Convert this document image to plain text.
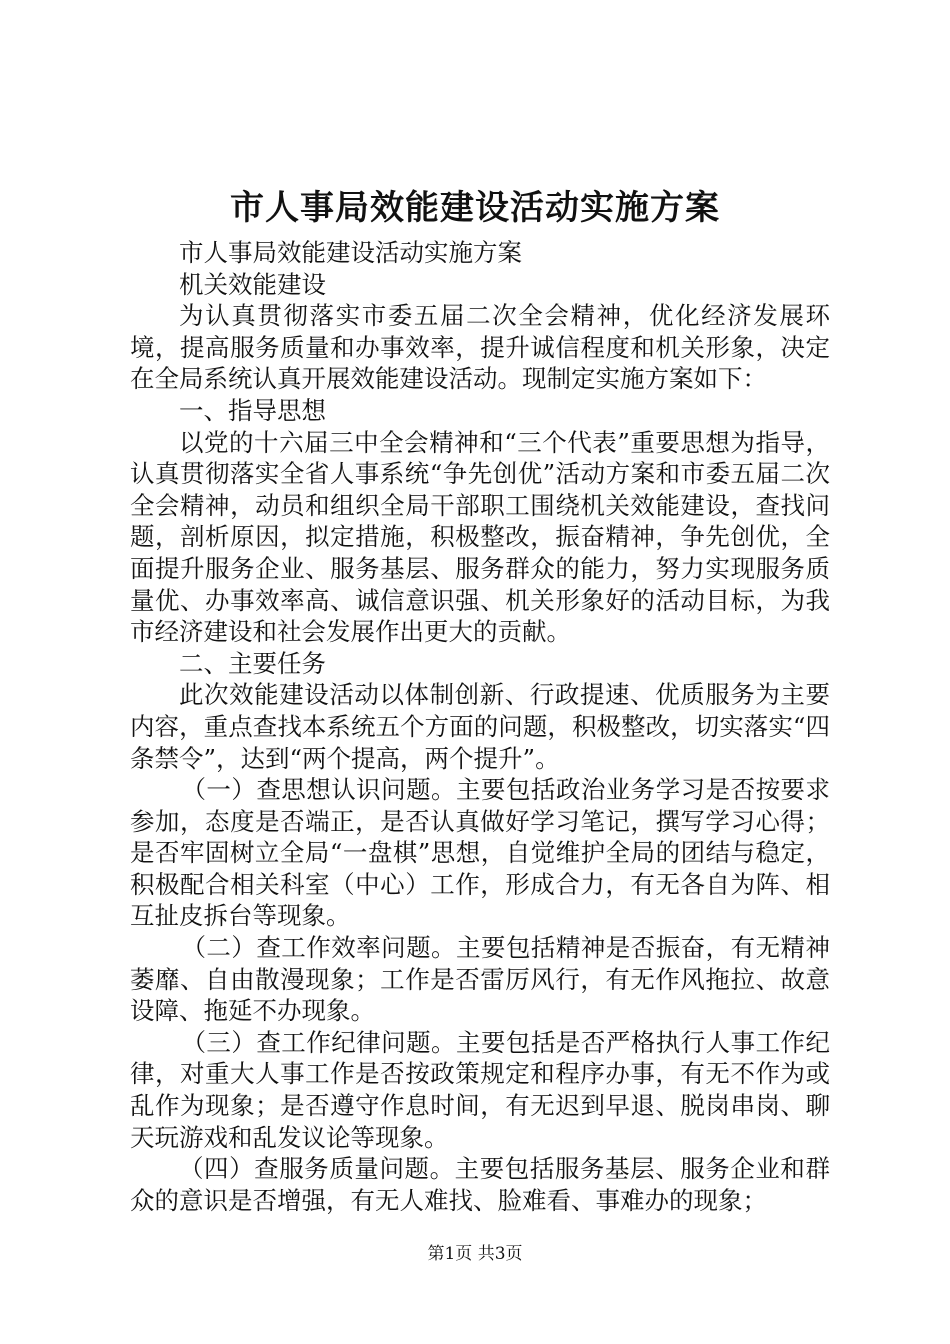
市人事局效能建设活动实施方案

市人事局效能建设活动实施方案

机关效能建设

为认真贯彻落实市委五届二次全会精神，优化经济发展环境，提高服务质量和办事效率，提升诚信程度和机关形象，决定在全局系统认真开展效能建设活动。现制定实施方案如下：

一、指导思想

以党的十六届三中全会精神和“三个代表”重要思想为指导，认真贯彻落实全省人事系统“争先创优”活动方案和市委五届二次全会精神，动员和组织全局干部职工围绕机关效能建设，查找问题，剖析原因，拟定措施，积极整改，振奋精神，争先创优，全面提升服务企业、服务基层、服务群众的能力，努力实现服务质量优、办事效率高、诚信意识强、机关形象好的活动目标，为我市经济建设和社会发展作出更大的贡献。

二、主要任务

此次效能建设活动以体制创新、行政提速、优质服务为主要内容，重点查找本系统五个方面的问题，积极整改，切实落实“四条禁令”，达到“两个提高，两个提升”。

（一）查思想认识问题。主要包括政治业务学习是否按要求参加，态度是否端正，是否认真做好学习笔记，撰写学习心得；是否牢固树立全局“一盘棋”思想，自觉维护全局的团结与稳定，积极配合相关科室（中心）工作，形成合力，有无各自为阵、相互扯皮拆台等现象。

（二）查工作效率问题。主要包括精神是否振奋，有无精神萎靡、自由散漫现象；工作是否雷厉风行，有无作风拖拉、故意设障、拖延不办现象。

（三）查工作纪律问题。主要包括是否严格执行人事工作纪律，对重大人事工作是否按政策规定和程序办事，有无不作为或乱作为现象；是否遵守作息时间，有无迟到早退、脱岗串岗、聊天玩游戏和乱发议论等现象。

（四）查服务质量问题。主要包括服务基层、服务企业和群众的意识是否增强，有无人难找、脸难看、事难办的现象；

第1页 共3页
